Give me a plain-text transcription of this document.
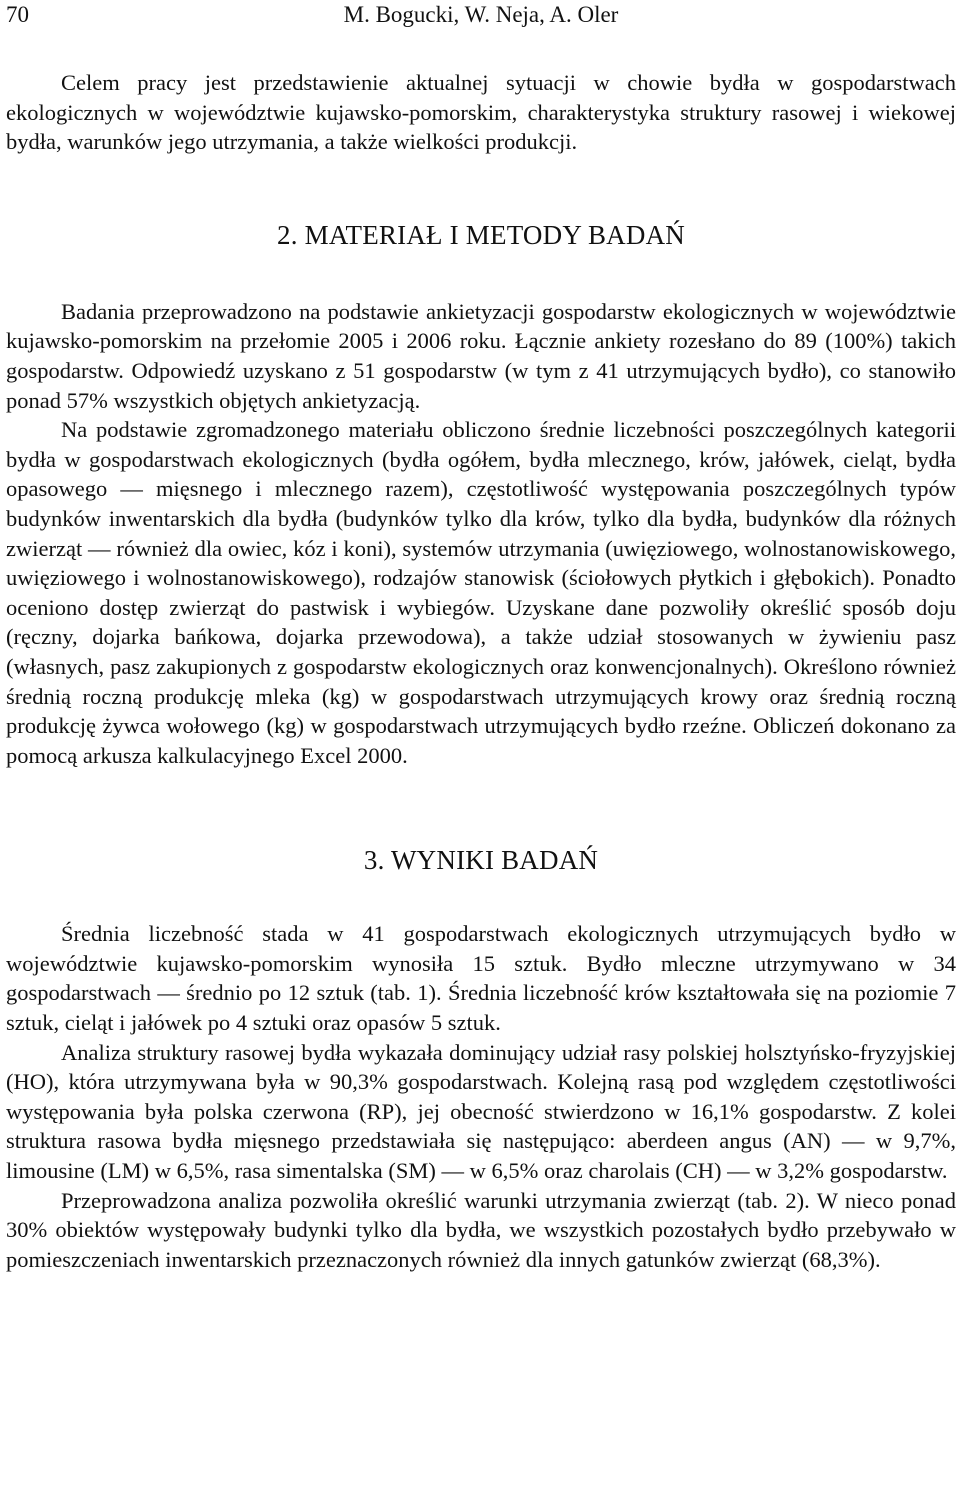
70	M. Bogucki, W. Neja, A. Oler

Celem pracy jest przedstawienie aktualnej sytuacji w chowie bydła w gospodarstwach ekologicznych w województwie kujawsko-pomorskim, charakterystyka struktury rasowej i wiekowej bydła, warunków jego utrzymania, a także wielkości produkcji.

2. MATERIAŁ I METODY BADAŃ

Badania przeprowadzono na podstawie ankietyzacji gospodarstw ekologicznych w województwie kujawsko-pomorskim na przełomie 2005 i 2006 roku. Łącznie ankiety rozesłano do 89 (100%) takich gospodarstw. Odpowiedź uzyskano z 51 gospodarstw (w tym z 41 utrzymujących bydło), co stanowiło ponad 57% wszystkich objętych ankietyzacją.

Na podstawie zgromadzonego materiału obliczono średnie liczebności poszczególnych kategorii bydła w gospodarstwach ekologicznych (bydła ogółem, bydła mlecznego, krów, jałówek, cieląt, bydła opasowego — mięsnego i mlecznego razem), częstotliwość występowania poszczególnych typów budynków inwentarskich dla bydła (budynków tylko dla krów, tylko dla bydła, budynków dla różnych zwierząt — również dla owiec, kóz i koni), systemów utrzymania (uwięziowego, wolnostanowiskowego, uwięziowego i wolnostanowiskowego), rodzajów stanowisk (ściołowych płytkich i głębokich). Ponadto oceniono dostęp zwierząt do pastwisk i wybiegów. Uzyskane dane pozwoliły określić sposób doju (ręczny, dojarka bańkowa, dojarka przewodowa), a także udział stosowanych w żywieniu pasz (własnych, pasz zakupionych z gospodarstw ekologicznych oraz konwencjonalnych). Określono również średnią roczną produkcję mleka (kg) w gospodarstwach utrzymujących krowy oraz średnią roczną produkcję żywca wołowego (kg) w gospodarstwach utrzymujących bydło rzeźne. Obliczeń dokonano za pomocą arkusza kalkulacyjnego Excel 2000.

3. WYNIKI BADAŃ

Średnia liczebność stada w 41 gospodarstwach ekologicznych utrzymujących bydło w województwie kujawsko-pomorskim wynosiła 15 sztuk. Bydło mleczne utrzymywano w 34 gospodarstwach — średnio po 12 sztuk (tab. 1). Średnia liczebność krów kształtowała się na poziomie 7 sztuk, cieląt i jałówek po 4 sztuki oraz opasów 5 sztuk.

Analiza struktury rasowej bydła wykazała dominujący udział rasy polskiej holsztyńsko-fryzyjskiej (HO), która utrzymywana była w 90,3% gospodarstwach. Kolejną rasą pod względem częstotliwości występowania była polska czerwona (RP), jej obecność stwierdzono w 16,1% gospodarstw. Z kolei struktura rasowa bydła mięsnego przedstawiała się następująco: aberdeen angus (AN) — w 9,7%, limousine (LM) w 6,5%, rasa simentalska (SM) — w 6,5% oraz charolais (CH) — w 3,2% gospodarstw.

Przeprowadzona analiza pozwoliła określić warunki utrzymania zwierząt (tab. 2). W nieco ponad 30% obiektów występowały budynki tylko dla bydła, we wszystkich pozostałych bydło przebywało w pomieszczeniach inwentarskich przeznaczonych również dla innych gatunków zwierząt (68,3%).
